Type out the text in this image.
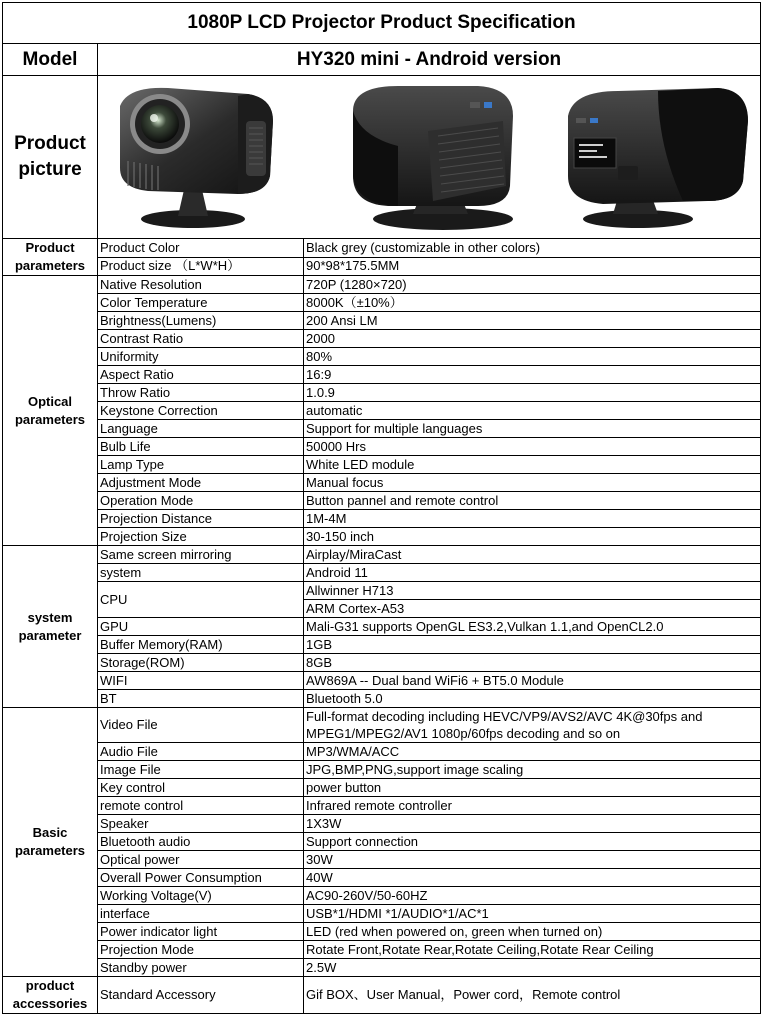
1080P LCD Projector Product Specification		
Model	HY320 mini - Android version	

Product
picture

Product
parameters	Product Color	Black grey (customizable in other colors)
	Product size （L*W*H）	90*98*175.5MM

Optical
parameters	Native Resolution	720P (1280×720)
	Color Temperature	8000K（±10%）
	Brightness(Lumens)	200 Ansi LM
	Contrast Ratio	2000
	Uniformity	80%
	Aspect Ratio	16:9
	Throw Ratio	1.0.9
	Keystone Correction	automatic
	Language	Support for multiple languages
	Bulb Life	50000 Hrs
	Lamp Type	White LED module
	Adjustment Mode	Manual focus
	Operation Mode	Button pannel and remote control
	Projection Distance	1M-4M
	Projection Size	30-150 inch

system
parameter	Same screen mirroring	Airplay/MiraCast
	system	Android 11
	CPU	Allwinner H713
		ARM Cortex-A53
	GPU	Mali-G31 supports OpenGL ES3.2,Vulkan 1.1,and OpenCL2.0
	Buffer Memory(RAM)	1GB
	Storage(ROM)	8GB
	WIFI	AW869A -- Dual band WiFi6 + BT5.0 Module
	BT	Bluetooth 5.0

Basic
parameters	Video File	Full-format decoding including HEVC/VP9/AVS2/AVC 4K@30fps and MPEG1/MPEG2/AV1 1080p/60fps decoding and so on
	Audio File	MP3/WMA/ACC
	Image File	JPG,BMP,PNG,support image scaling
	Key control	power button
	remote control	Infrared remote controller
	Speaker	1X3W
	Bluetooth audio	Support connection
	Optical power	30W
	Overall Power Consumption	40W
	Working Voltage(V)	AC90-260V/50-60HZ
	interface	USB*1/HDMI *1/AUDIO*1/AC*1
	Power indicator light	LED (red when powered on, green when turned on)
	Projection Mode	Rotate Front,Rotate Rear,Rotate Ceiling,Rotate Rear Ceiling
	Standby power	2.5W

product
accessories	Standard Accessory	Gif BOX、User Manual，Power cord，Remote control
